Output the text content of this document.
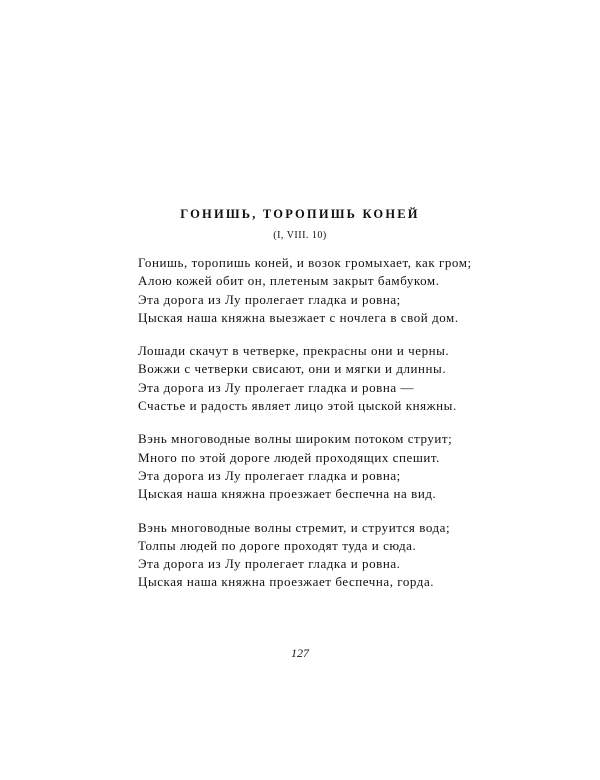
ГОНИШЬ, ТОРОПИШЬ КОНЕЙ
(I, VIII. 10)
Гонишь, торопишь коней, и возок громыхает, как гром;
Алою кожей обит он, плетеным закрыт бамбуком.
Эта дорога из Лу пролегает гладка и ровна;
Цыская наша княжна выезжает с ночлега в свой дом.
Лошади скачут в четверке, прекрасны они и черны.
Вожжи с четверки свисают, они и мягки и длинны.
Эта дорога из Лу пролегает гладка и ровна —
Счастье и радость являет лицо этой цыской княжны.
Вэнь многоводные волны широким потоком струит;
Много по этой дороге людей проходящих спешит.
Эта дорога из Лу пролегает гладка и ровна;
Цыская наша княжна проезжает беспечна на вид.
Вэнь многоводные волны стремит, и струится вода;
Толпы людей по дороге проходят туда и сюда.
Эта дорога из Лу пролегает гладка и ровна.
Цыская наша княжна проезжает беспечна, горда.
127
